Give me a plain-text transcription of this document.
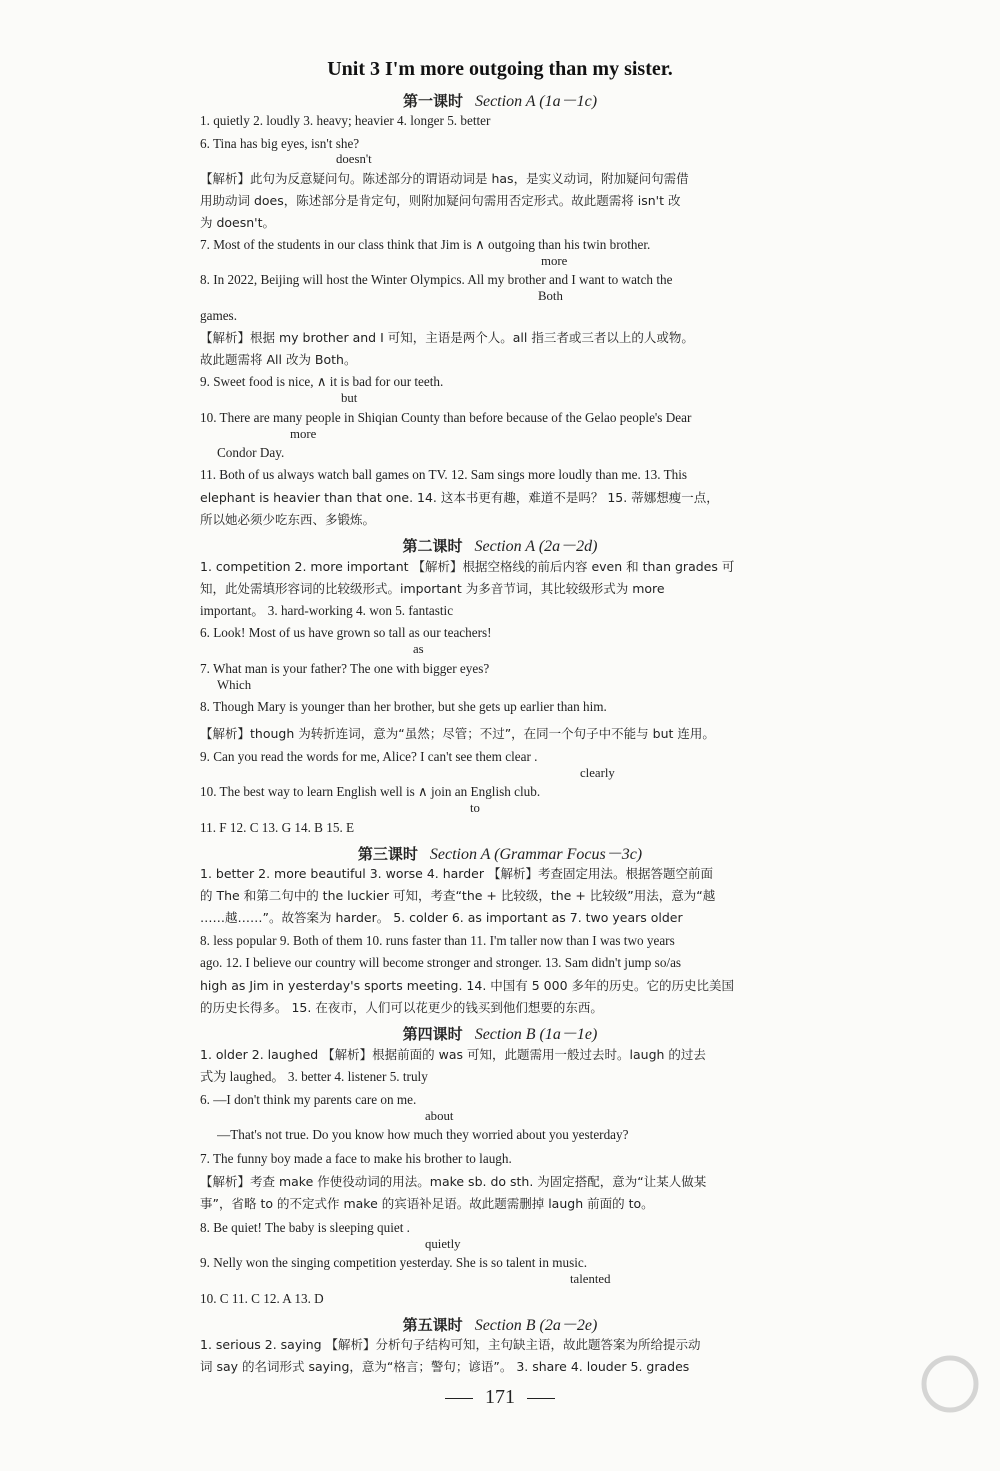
Unit 3 I'm more outgoing than my sister.
第一课时 Section A (1a－1c)
1. quietly 2. loudly 3. heavy; heavier 4. longer 5. better
6. Tina has big eyes, isn't she?
doesn't
【解析】此句为反意疑问句。陈述部分的谓语动词是 has，是实义动词，附加疑问句需借
用助动词 does，陈述部分是肯定句，则附加疑问句需用否定形式。故此题需将 isn't 改
为 doesn't。
7. Most of the students in our class think that Jim is ∧ outgoing than his twin brother.
more
8. In 2022, Beijing will host the Winter Olympics. All my brother and I want to watch the
Both
games.
【解析】根据 my brother and I 可知，主语是两个人。all 指三者或三者以上的人或物。
故此题需将 All 改为 Both。
9. Sweet food is nice, ∧ it is bad for our teeth.
but
10. There are many people in Shiqian County than before because of the Gelao people's Dear
more
Condor Day.
11. Both of us always watch ball games on TV. 12. Sam sings more loudly than me. 13. This
elephant is heavier than that one. 14. 这本书更有趣，难道不是吗？ 15. 蒂娜想瘦一点，
所以她必须少吃东西、多锻炼。
第二课时 Section A (2a－2d)
1. competition 2. more important 【解析】根据空格线的前后内容 even 和 than grades 可
知，此处需填形容词的比较级形式。important 为多音节词，其比较级形式为 more
important。 3. hard-working 4. won 5. fantastic
6. Look! Most of us have grown so tall as our teachers!
as
7. What man is your father? The one with bigger eyes?
Which
8. Though Mary is younger than her brother, but she gets up earlier than him.
【解析】though 为转折连词，意为“虽然；尽管；不过”，在同一个句子中不能与 but 连用。
9. Can you read the words for me, Alice? I can't see them clear .
clearly
10. The best way to learn English well is ∧ join an English club.
to
11. F 12. C 13. G 14. B 15. E
第三课时 Section A (Grammar Focus－3c)
1. better 2. more beautiful 3. worse 4. harder 【解析】考查固定用法。根据答题空前面
的 The 和第二句中的 the luckier 可知，考查“the + 比较级，the + 比较级”用法，意为“越
……越……”。故答案为 harder。 5. colder 6. as important as 7. two years older
8. less popular 9. Both of them 10. runs faster than 11. I'm taller now than I was two years
ago. 12. I believe our country will become stronger and stronger. 13. Sam didn't jump so/as
high as Jim in yesterday's sports meeting. 14. 中国有 5 000 多年的历史。它的历史比美国
的历史长得多。 15. 在夜市，人们可以花更少的钱买到他们想要的东西。
第四课时 Section B (1a－1e)
1. older 2. laughed 【解析】根据前面的 was 可知，此题需用一般过去时。laugh 的过去
式为 laughed。 3. better 4. listener 5. truly
6. —I don't think my parents care on me.
about
—That's not true. Do you know how much they worried about you yesterday?
7. The funny boy made a face to make his brother to laugh.
【解析】考查 make 作使役动词的用法。make sb. do sth. 为固定搭配，意为“让某人做某
事”，省略 to 的不定式作 make 的宾语补足语。故此题需删掉 laugh 前面的 to。
8. Be quiet! The baby is sleeping quiet .
quietly
9. Nelly won the singing competition yesterday. She is so talent in music.
talented
10. C 11. C 12. A 13. D
第五课时 Section B (2a－2e)
1. serious 2. saying 【解析】分析句子结构可知，主句缺主语，故此题答案为所给提示动
词 say 的名词形式 saying，意为“格言；警句；谚语”。 3. share 4. louder 5. grades
171
